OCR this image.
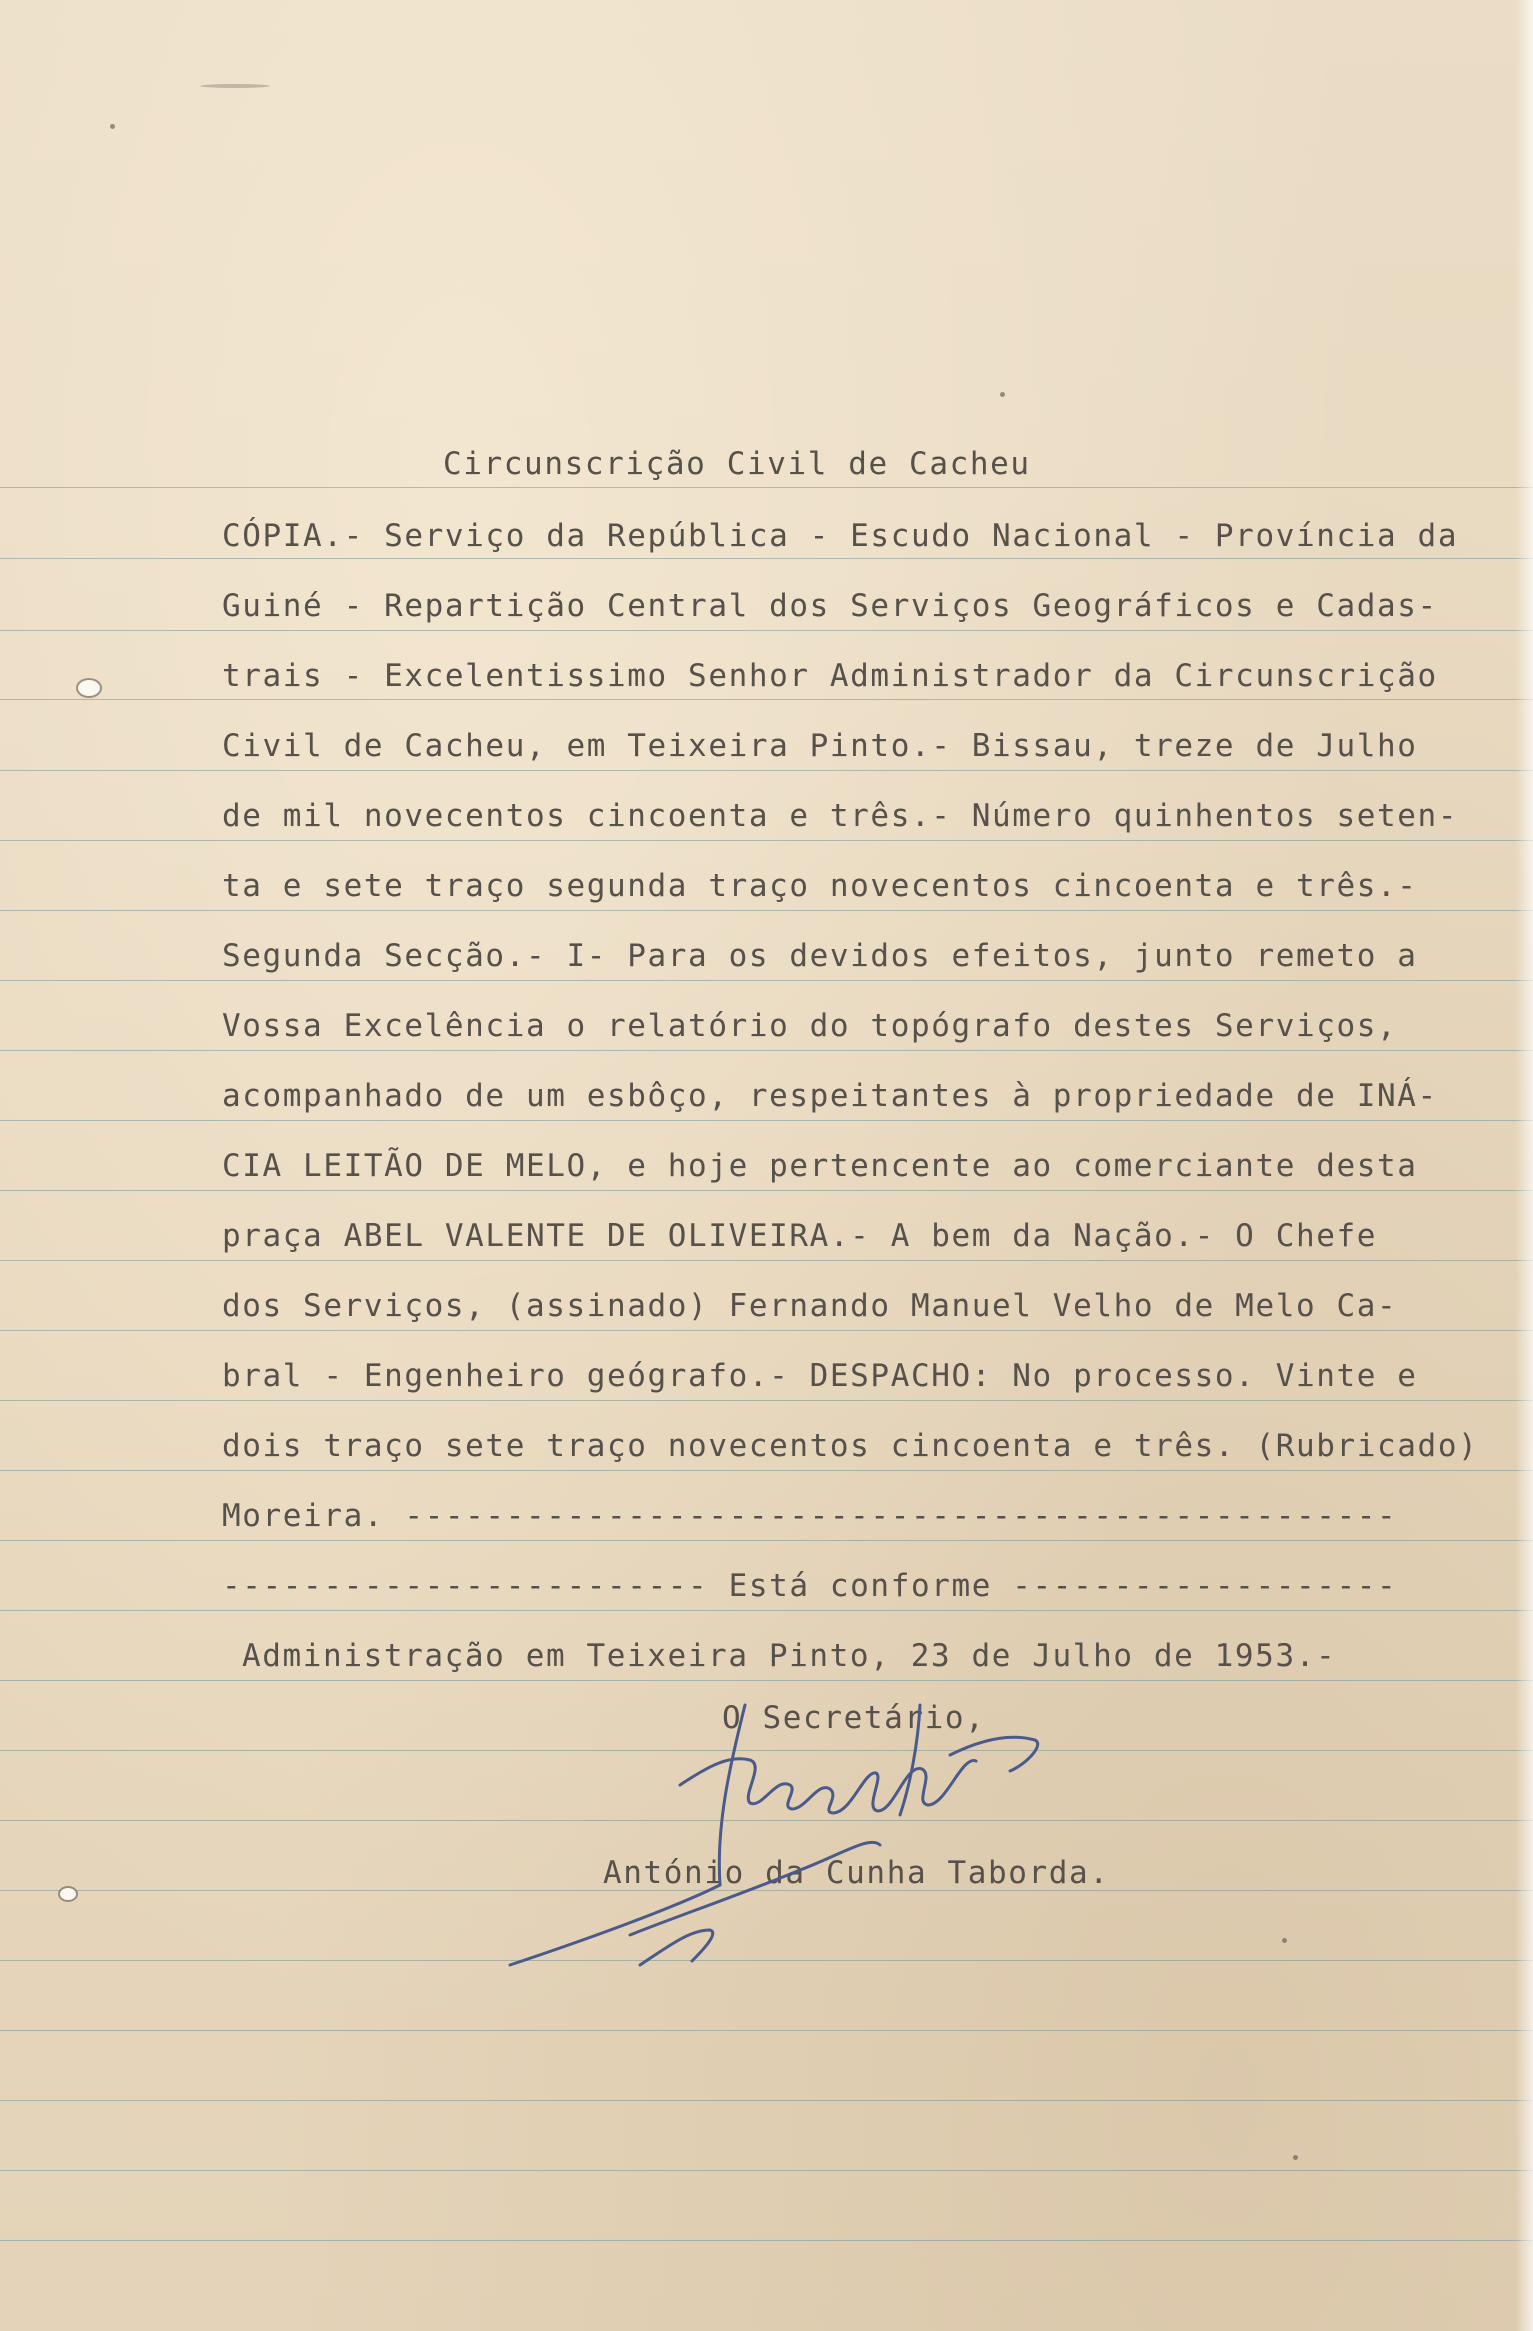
Circunscrição Civil de Cacheu
CÓPIA.- Serviço da República - Escudo Nacional - Província da
Guiné - Repartição Central dos Serviços Geográficos e Cadas-
trais - Excelentissimo Senhor Administrador da Circunscrição
Civil de Cacheu, em Teixeira Pinto.- Bissau, treze de Julho
de mil novecentos cincoenta e três.- Número quinhentos seten-
ta e sete traço segunda traço novecentos cincoenta e três.-
Segunda Secção.- I- Para os devidos efeitos, junto remeto a
Vossa Excelência o relatório do topógrafo destes Serviços,
acompanhado de um esbôço, respeitantes à propriedade de INÁ-
CIA LEITÃO DE MELO, e hoje pertencente ao comerciante desta
praça ABEL VALENTE DE OLIVEIRA.- A bem da Nação.- O Chefe
dos Serviços, (assinado) Fernando Manuel Velho de Melo Ca-
bral - Engenheiro geógrafo.- DESPACHO: No processo. Vinte e
dois traço sete traço novecentos cincoenta e três. (Rubricado)
Moreira. -------------------------------------------------
------------------------ Está conforme -------------------
Administração em Teixeira Pinto, 23 de Julho de 1953.-
O Secretário,
António da Cunha Taborda.
